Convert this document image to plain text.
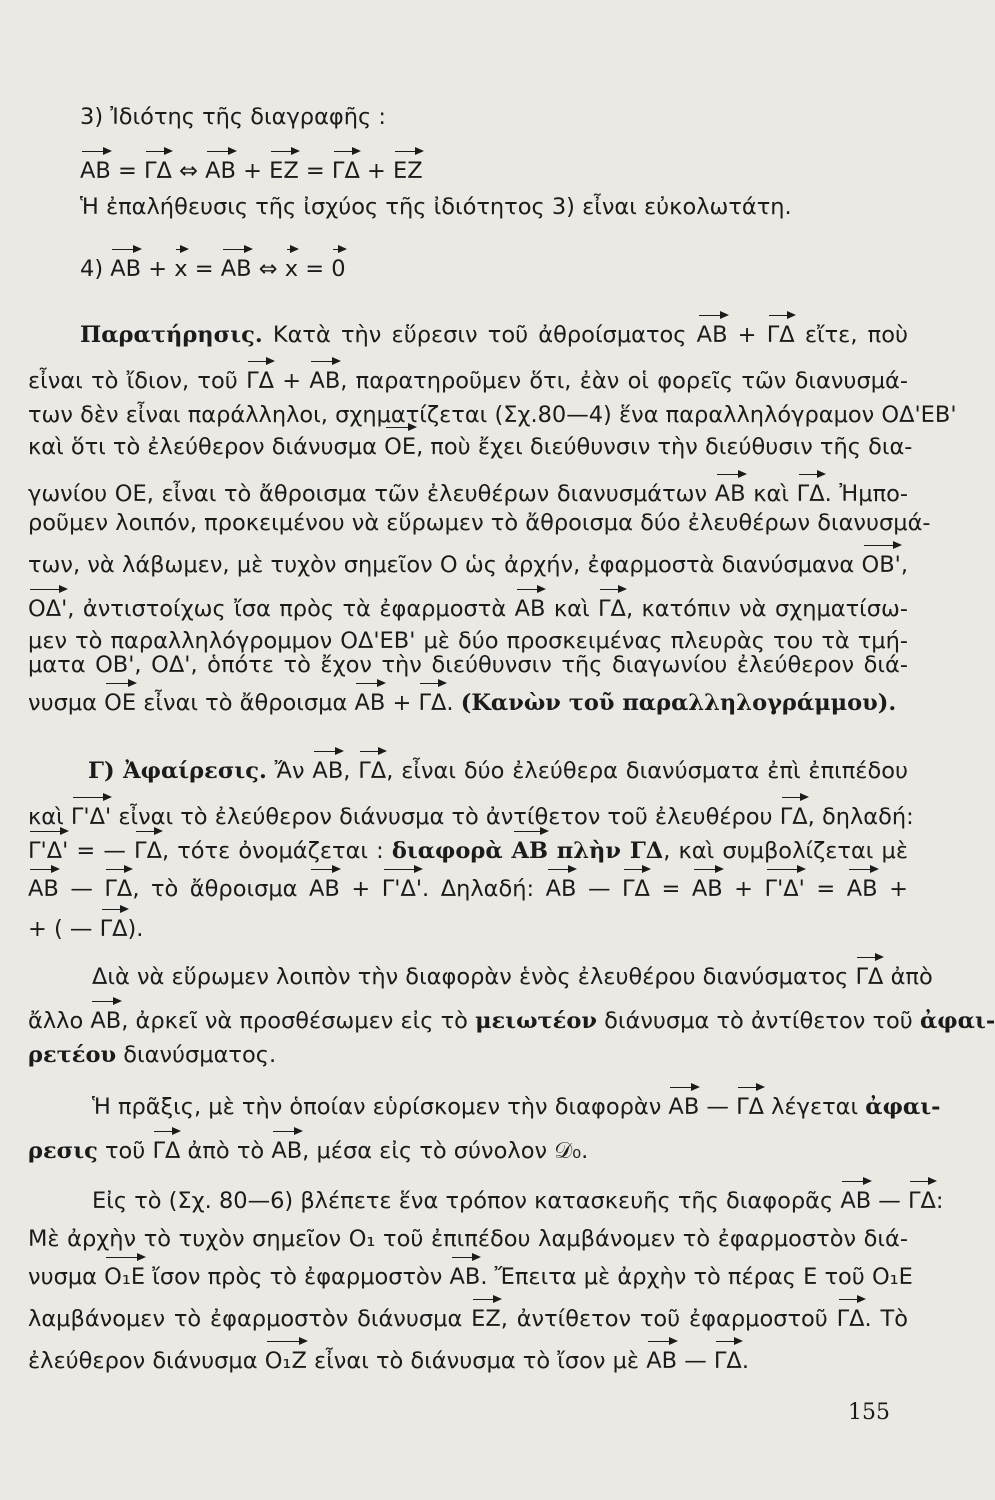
3) Ἰδιότης τῆς διαγραφῆς :
ΑΒ = ΓΔ ⇔ ΑΒ + ΕΖ = ΓΔ + ΕΖ
Ἡ ἐπαλήθευσις τῆς ἰσχύος τῆς ἰδιότητος 3) εἶναι εὐκολωτάτη.
4) ΑΒ + x = ΑΒ ⇔ x = 0
Παρατήρησις. Κατὰ τὴν εὕρεσιν τοῦ ἀθροίσματος ΑΒ + ΓΔ εἴτε, ποὺ
εἶναι τὸ ἴδιον, τοῦ ΓΔ + ΑΒ, παρατηροῦμεν ὅτι, ἐὰν οἱ φορεῖς τῶν διανυσμά-
των δὲν εἶναι παράλληλοι, σχηματίζεται (Σχ.80—4) ἕνα παραλληλόγραμον ΟΔ'ΕΒ'
καὶ ὅτι τὸ ἐλεύθερον διάνυσμα ΟΕ, ποὺ ἔχει διεύθυνσιν τὴν διεύθυσιν τῆς δια-
γωνίου ΟΕ, εἶναι τὸ ἄθροισμα τῶν ἐλευθέρων διανυσμάτων ΑΒ καὶ ΓΔ. Ἠμπο-
ροῦμεν λοιπόν, προκειμένου νὰ εὕρωμεν τὸ ἄθροισμα δύο ἐλευθέρων διανυσμά-
των, νὰ λάβωμεν, μὲ τυχὸν σημεῖον Ο ὡς ἀρχήν, ἐφαρμοστὰ διανύσμανα ΟΒ',
ΟΔ', ἀντιστοίχως ἴσα πρὸς τὰ ἐφαρμοστὰ ΑΒ καὶ ΓΔ, κατόπιν νὰ σχηματίσω-
μεν τὸ παραλληλόγρομμον ΟΔ'ΕΒ' μὲ δύο προσκειμένας πλευρὰς του τὰ τμή-
ματα ΟΒ', ΟΔ', ὁπότε τὸ ἔχον τὴν διεύθυνσιν τῆς διαγωνίου ἐλεύθερον διά-
νυσμα ΟΕ εἶναι τὸ ἄθροισμα ΑΒ + ΓΔ. (Κανὼν τοῦ παραλληλογράμμου).
Γ) Ἀφαίρεσις. Ἄν ΑΒ, ΓΔ, εἶναι δύο ἐλεύθερα διανύσματα ἐπὶ ἐπιπέδου
καὶ Γ'Δ' εἶναι τὸ ἐλεύθερον διάνυσμα τὸ ἀντίθετον τοῦ ἐλευθέρου ΓΔ, δηλαδή:
Γ'Δ' = — ΓΔ, τότε ὀνομάζεται : διαφορὰ ΑΒ πλὴν ΓΔ, καὶ συμβολίζεται μὲ
ΑΒ — ΓΔ, τὸ ἄθροισμα ΑΒ + Γ'Δ'. Δηλαδή: ΑΒ — ΓΔ = ΑΒ + Γ'Δ' = ΑΒ +
+ ( — ΓΔ).
Διὰ νὰ εὕρωμεν λοιπὸν τὴν διαφορὰν ἑνὸς ἐλευθέρου διανύσματος ΓΔ ἀπὸ
ἄλλο ΑΒ, ἀρκεῖ νὰ προσθέσωμεν εἰς τὸ μειωτέον διάνυσμα τὸ ἀντίθετον τοῦ ἀφαι-
ρετέου διανύσματος.
Ἡ πρᾶξις, μὲ τὴν ὁποίαν εὑρίσκομεν τὴν διαφορὰν ΑΒ — ΓΔ λέγεται ἀφαι-
ρεσις τοῦ ΓΔ ἀπὸ τὸ ΑΒ, μέσα εἰς τὸ σύνολον 𝒟₀.
Εἰς τὸ (Σχ. 80—6) βλέπετε ἕνα τρόπον κατασκευῆς τῆς διαφορᾶς ΑΒ — ΓΔ:
Μὲ ἀρχὴν τὸ τυχὸν σημεῖον Ο₁ τοῦ ἐπιπέδου λαμβάνομεν τὸ ἐφαρμοστὸν διά-
νυσμα Ο₁Ε ἴσον πρὸς τὸ ἐφαρμοστὸν ΑΒ. Ἔπειτα μὲ ἀρχὴν τὸ πέρας Ε τοῦ Ο₁Ε
λαμβάνομεν τὸ ἐφαρμοστὸν διάνυσμα ΕΖ, ἀντίθετον τοῦ ἐφαρμοστοῦ ΓΔ. Τὸ
ἐλεύθερον διάνυσμα Ο₁Ζ εἶναι τὸ διάνυσμα τὸ ἴσον μὲ ΑΒ — ΓΔ.
155
